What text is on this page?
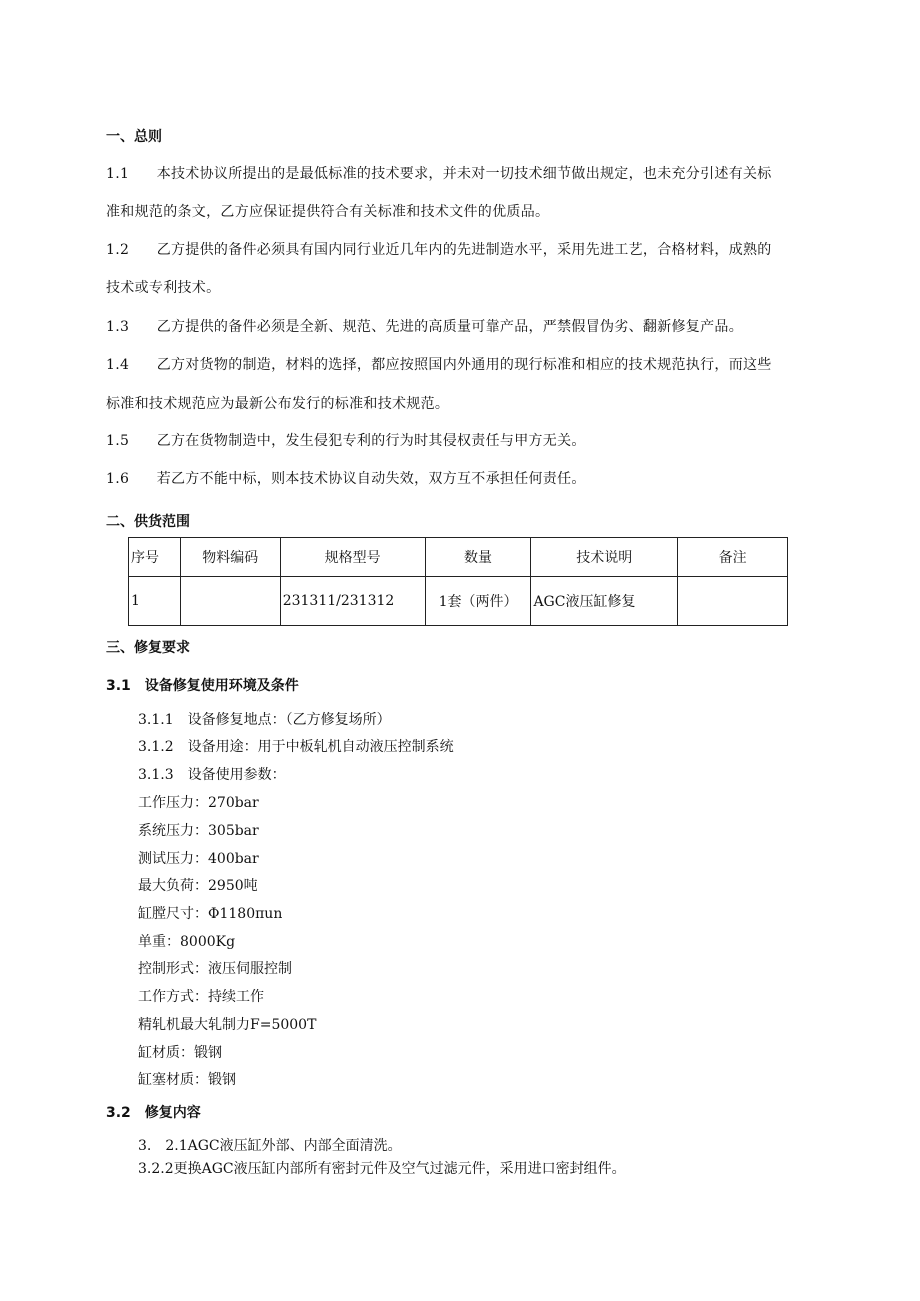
一、总则
1.1 本技术协议所提出的是最低标准的技术要求，并未对一切技术细节做出规定，也未充分引述有关标
准和规范的条文，乙方应保证提供符合有关标准和技术文件的优质品。
1.2 乙方提供的备件必须具有国内同行业近几年内的先进制造水平，采用先进工艺，合格材料，成熟的
技术或专利技术。
1.3 乙方提供的备件必须是全新、规范、先进的高质量可靠产品，严禁假冒伪劣、翻新修复产品。
1.4 乙方对货物的制造，材料的选择，都应按照国内外通用的现行标准和相应的技术规范执行，而这些
标准和技术规范应为最新公布发行的标准和技术规范。
1.5 乙方在货物制造中，发生侵犯专利的行为时其侵权责任与甲方无关。
1.6 若乙方不能中标，则本技术协议自动失效，双方互不承担任何责任。
二、供货范围
序号	物料编码	规格型号	数量	技术说明	备注
1		231311/231312	1套（两件）	AGC液压缸修复	
三、修复要求
3.1　设备修复使用环境及条件
3.1.1　设备修复地点：（乙方修复场所）
3.1.2　设备用途：用于中板轧机自动液压控制系统
3.1.3　设备使用参数：
工作压力：270bar
系统压力：305bar
测试压力：400bar
最大负荷：2950吨
缸膛尺寸：Φ1180πun
单重：8000Kg
控制形式：液压伺服控制
工作方式：持续工作
精轧机最大轧制力F=5000T
缸材质：锻钢
缸塞材质：锻钢
3.2　修复内容
3.　2.1AGC液压缸外部、内部全面清洗。
3.2.2更换AGC液压缸内部所有密封元件及空气过滤元件，采用进口密封组件。
